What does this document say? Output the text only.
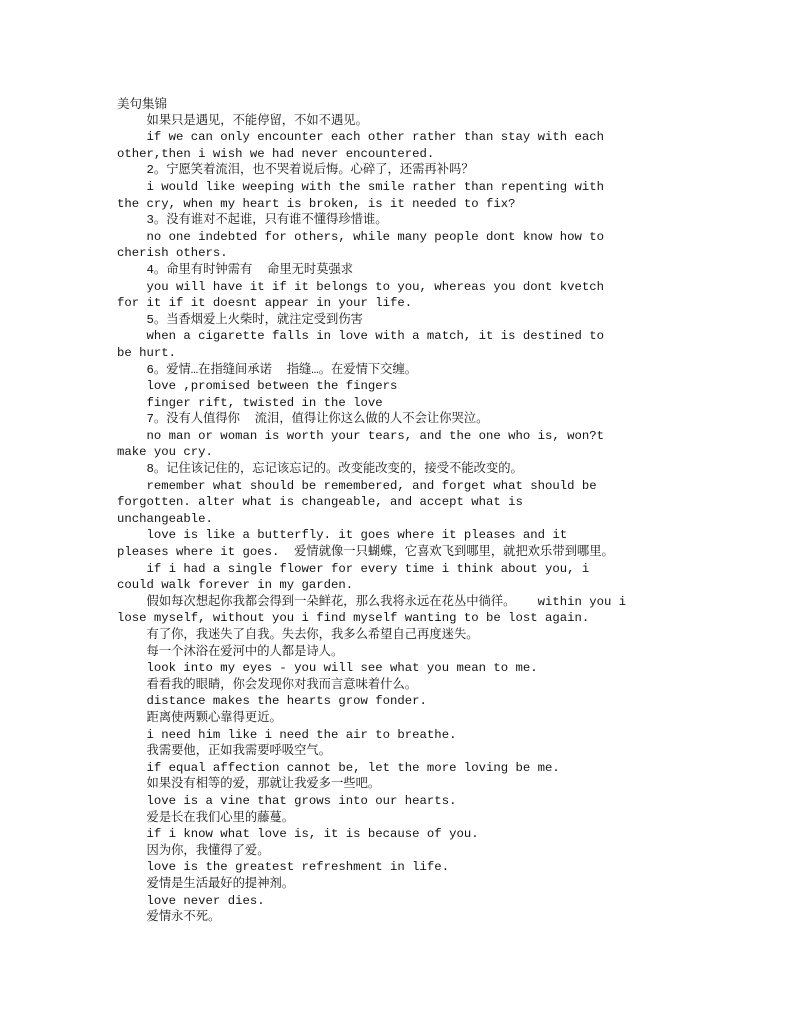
美句集锦
如果只是遇见，不能停留，不如不遇见。
if we can only encounter each other rather than stay with each
other,then i wish we had never encountered.
2。宁愿笑着流泪，也不哭着说后悔。心碎了，还需再补吗？
i would like weeping with the smile rather than repenting with
the cry, when my heart is broken, is it needed to fix?
3。没有谁对不起谁，只有谁不懂得珍惜谁。
no one indebted for others, while many people dont know how to
cherish others.
4。命里有时钟需有  命里无时莫强求
you will have it if it belongs to you, whereas you dont kvetch
for it if it doesnt appear in your life.
5。当香烟爱上火柴时，就注定受到伤害
when a cigarette falls in love with a match, it is destined to
be hurt.
6。爱情…在指缝间承诺  指缝…。在爱情下交缠。
love ,promised between the fingers
finger rift, twisted in the love
7。没有人值得你  流泪，值得让你这么做的人不会让你哭泣。
no man or woman is worth your tears, and the one who is, won?t
make you cry.
8。记住该记住的，忘记该忘记的。改变能改变的，接受不能改变的。
remember what should be remembered, and forget what should be
forgotten. alter what is changeable, and accept what is
unchangeable.
love is like a butterfly. it goes where it pleases and it
pleases where it goes.  爱情就像一只蝴蝶，它喜欢飞到哪里，就把欢乐带到哪里。
if i had a single flower for every time i think about you, i
could walk forever in my garden.
假如每次想起你我都会得到一朵鲜花，那么我将永远在花丛中徜徉。   within you i
lose myself, without you i find myself wanting to be lost again.
有了你，我迷失了自我。失去你，我多么希望自己再度迷失。
每一个沐浴在爱河中的人都是诗人。
look into my eyes - you will see what you mean to me.
看看我的眼睛，你会发现你对我而言意味着什么。
distance makes the hearts grow fonder.
距离使两颗心靠得更近。
i need him like i need the air to breathe.
我需要他，正如我需要呼吸空气。
if equal affection cannot be, let the more loving be me.
如果没有相等的爱，那就让我爱多一些吧。
love is a vine that grows into our hearts.
爱是长在我们心里的藤蔓。
if i know what love is, it is because of you.
因为你，我懂得了爱。
love is the greatest refreshment in life.
爱情是生活最好的提神剂。
love never dies.
爱情永不死。
